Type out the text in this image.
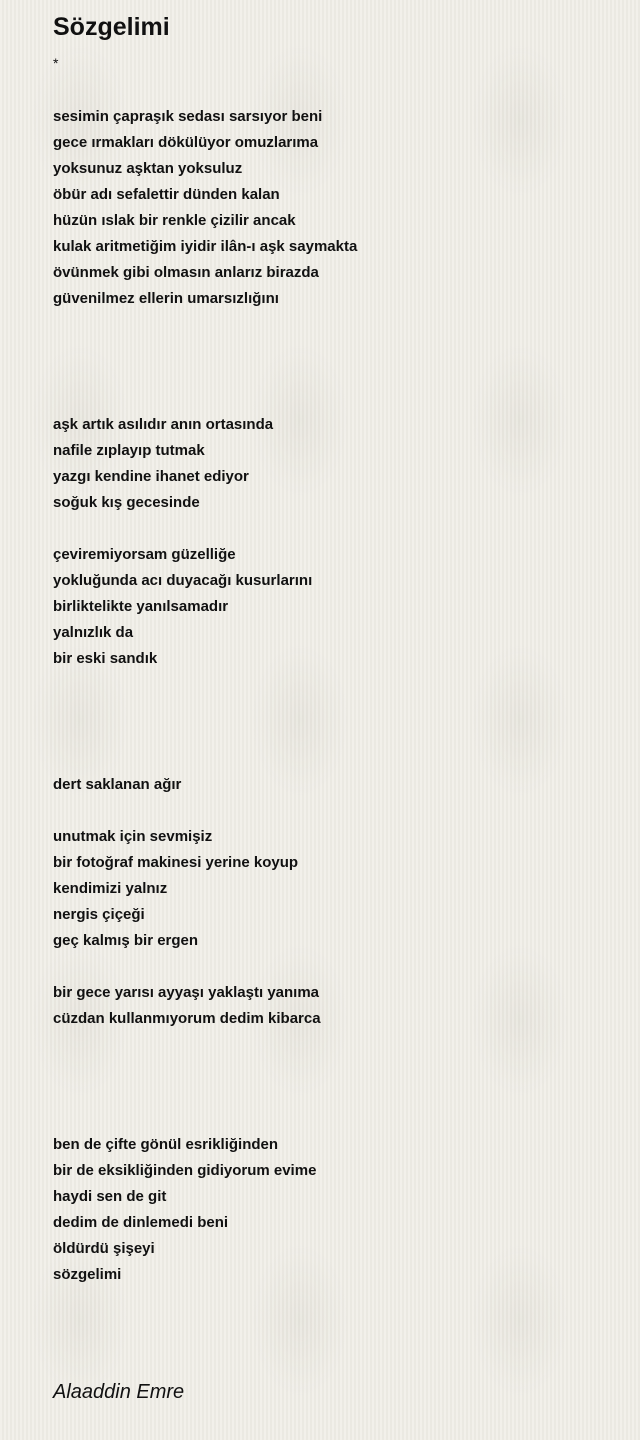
Sözgelimi
*
sesimin çapraşık sedası sarsıyor beni
gece ırmakları dökülüyor omuzlarıma
yoksunuz aşktan yoksuluz
öbür adı sefalettir dünden kalan
hüzün ıslak bir renkle çizilir ancak
kulak aritmetiğim iyidir ilân-ı aşk saymakta
övünmek gibi olmasın anlarız birazda
güvenilmez ellerin umarsızlığını
aşk artık asılıdır anın ortasında
nafile zıplayıp tutmak
yazgı kendine ihanet ediyor
soğuk kış gecesinde
çeviremiyorsam güzelliğe
yokluğunda acı duyacağı kusurlarını
birliktelikte yanılsamadır
yalnızlık da
bir eski sandık
dert saklanan ağır
unutmak için sevmişiz
bir fotoğraf makinesi yerine koyup
kendimizi yalnız
nergis çiçeği
geç kalmış bir ergen
bir gece yarısı ayyaşı yaklaştı yanıma
cüzdan kullanmıyorum dedim kibarca
ben de çifte gönül esrikliğinden
bir de eksikliğinden gidiyorum evime
haydi sen de git
dedim de dinlemedi beni
öldürdü şişeyi
sözgelimi
Alaaddin Emre
